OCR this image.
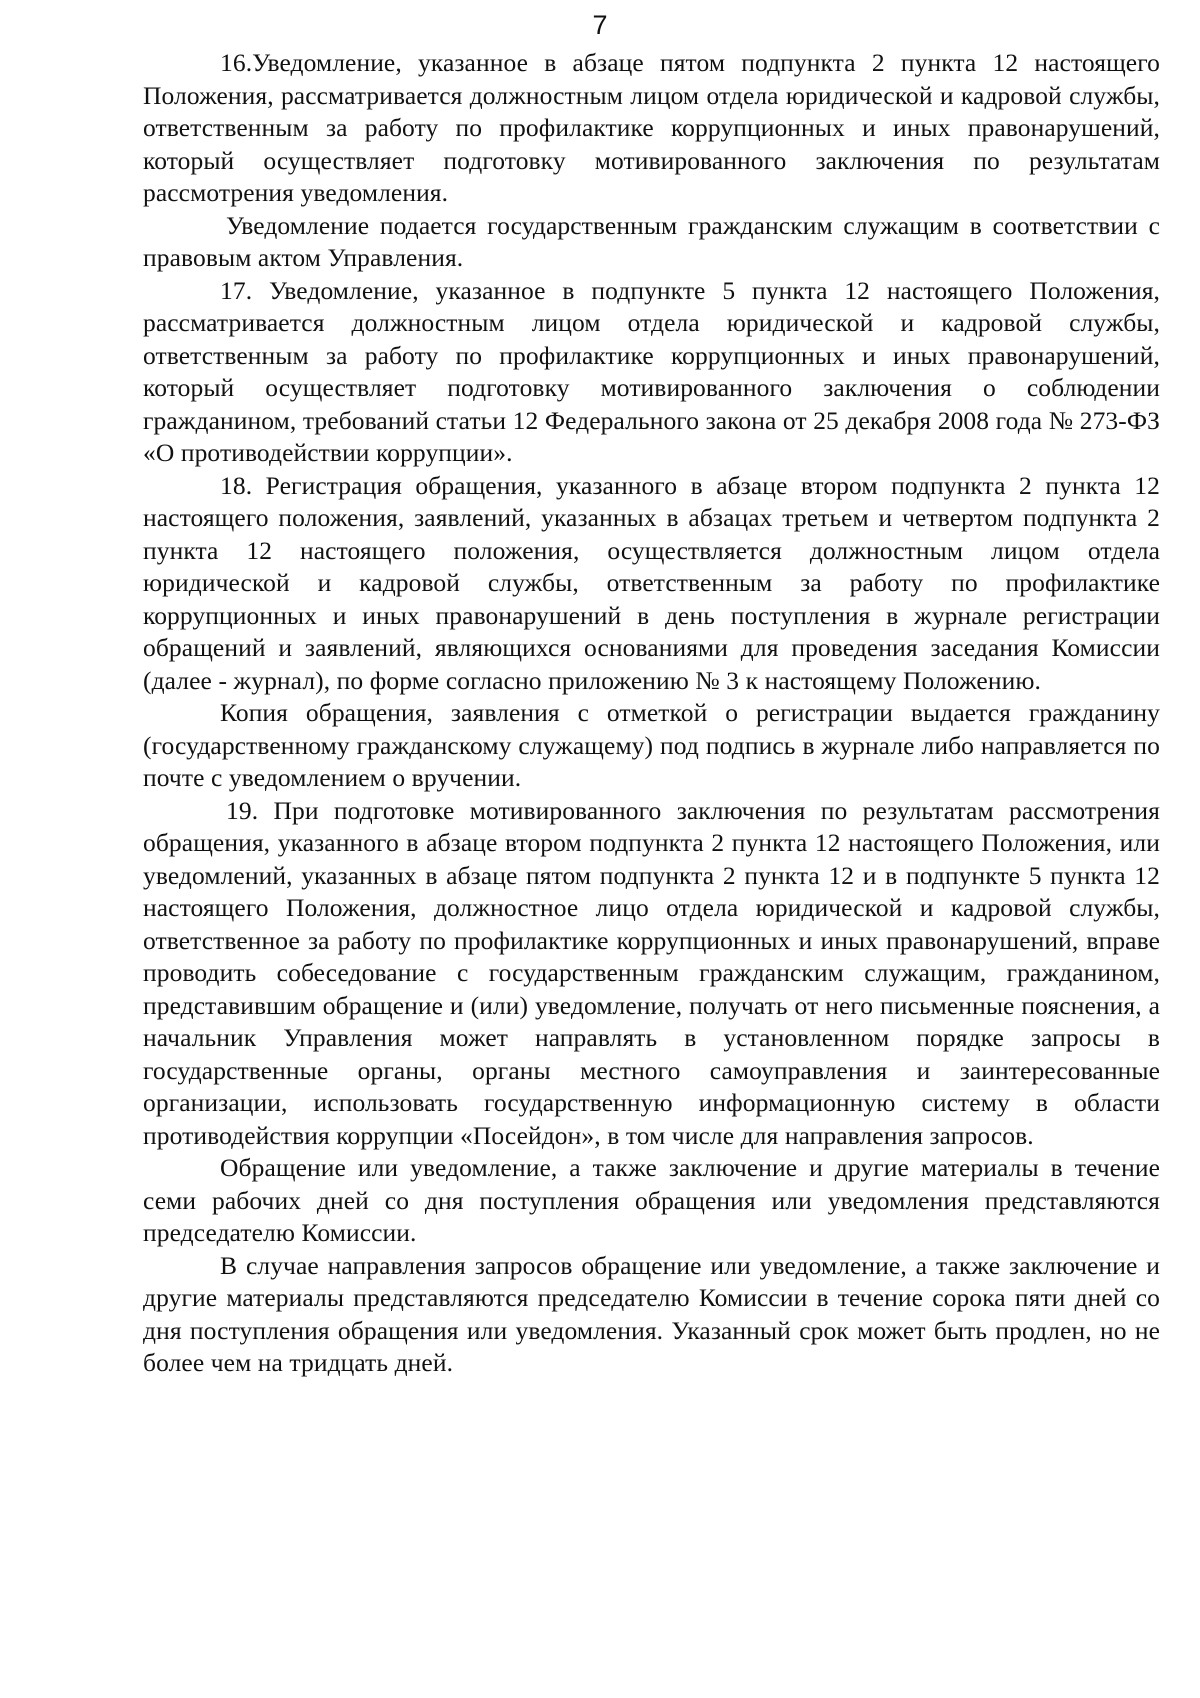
7

16.Уведомление, указанное в абзаце пятом подпункта 2 пункта 12 настоящего Положения, рассматривается должностным лицом отдела юридической и кадровой службы, ответственным за работу по профилактике коррупционных и иных правонарушений, который осуществляет подготовку мотивированного заключения по результатам рассмотрения уведомления.

Уведомление подается государственным гражданским служащим в соответствии с правовым актом Управления.

17. Уведомление, указанное в подпункте 5 пункта 12 настоящего Положения, рассматривается должностным лицом отдела юридической и кадровой службы, ответственным за работу по профилактике коррупционных и иных правонарушений, который осуществляет подготовку мотивированного заключения о соблюдении гражданином, требований статьи 12 Федерального закона от 25 декабря 2008 года № 273-ФЗ «О противодействии коррупции».

18. Регистрация обращения, указанного в абзаце втором подпункта 2 пункта 12 настоящего положения, заявлений, указанных в абзацах третьем и четвертом подпункта 2 пункта 12 настоящего положения, осуществляется должностным лицом отдела юридической и кадровой службы, ответственным за работу по профилактике коррупционных и иных правонарушений в день поступления в журнале регистрации обращений и заявлений, являющихся основаниями для проведения заседания Комиссии (далее - журнал), по форме согласно приложению № 3 к настоящему Положению.

Копия обращения, заявления с отметкой о регистрации выдается гражданину (государственному гражданскому служащему) под подпись в журнале либо направляется по почте с уведомлением о вручении.

19. При подготовке мотивированного заключения по результатам рассмотрения обращения, указанного в абзаце втором подпункта 2 пункта 12 настоящего Положения, или уведомлений, указанных в абзаце пятом подпункта 2 пункта 12 и в подпункте 5 пункта 12 настоящего Положения, должностное лицо отдела юридической и кадровой службы, ответственное за работу по профилактике коррупционных и иных правонарушений, вправе проводить собеседование с государственным гражданским служащим, гражданином, представившим обращение и (или) уведомление, получать от него письменные пояснения, а начальник Управления может направлять в установленном порядке запросы в государственные органы, органы местного самоуправления и заинтересованные организации, использовать государственную информационную систему в области противодействия коррупции «Посейдон», в том числе для направления запросов.

Обращение или уведомление, а также заключение и другие материалы в течение семи рабочих дней со дня поступления обращения или уведомления представляются председателю Комиссии.

В случае направления запросов обращение или уведомление, а также заключение и другие материалы представляются председателю Комиссии в течение сорока пяти дней со дня поступления обращения или уведомления. Указанный срок может быть продлен, но не более чем на тридцать дней.
